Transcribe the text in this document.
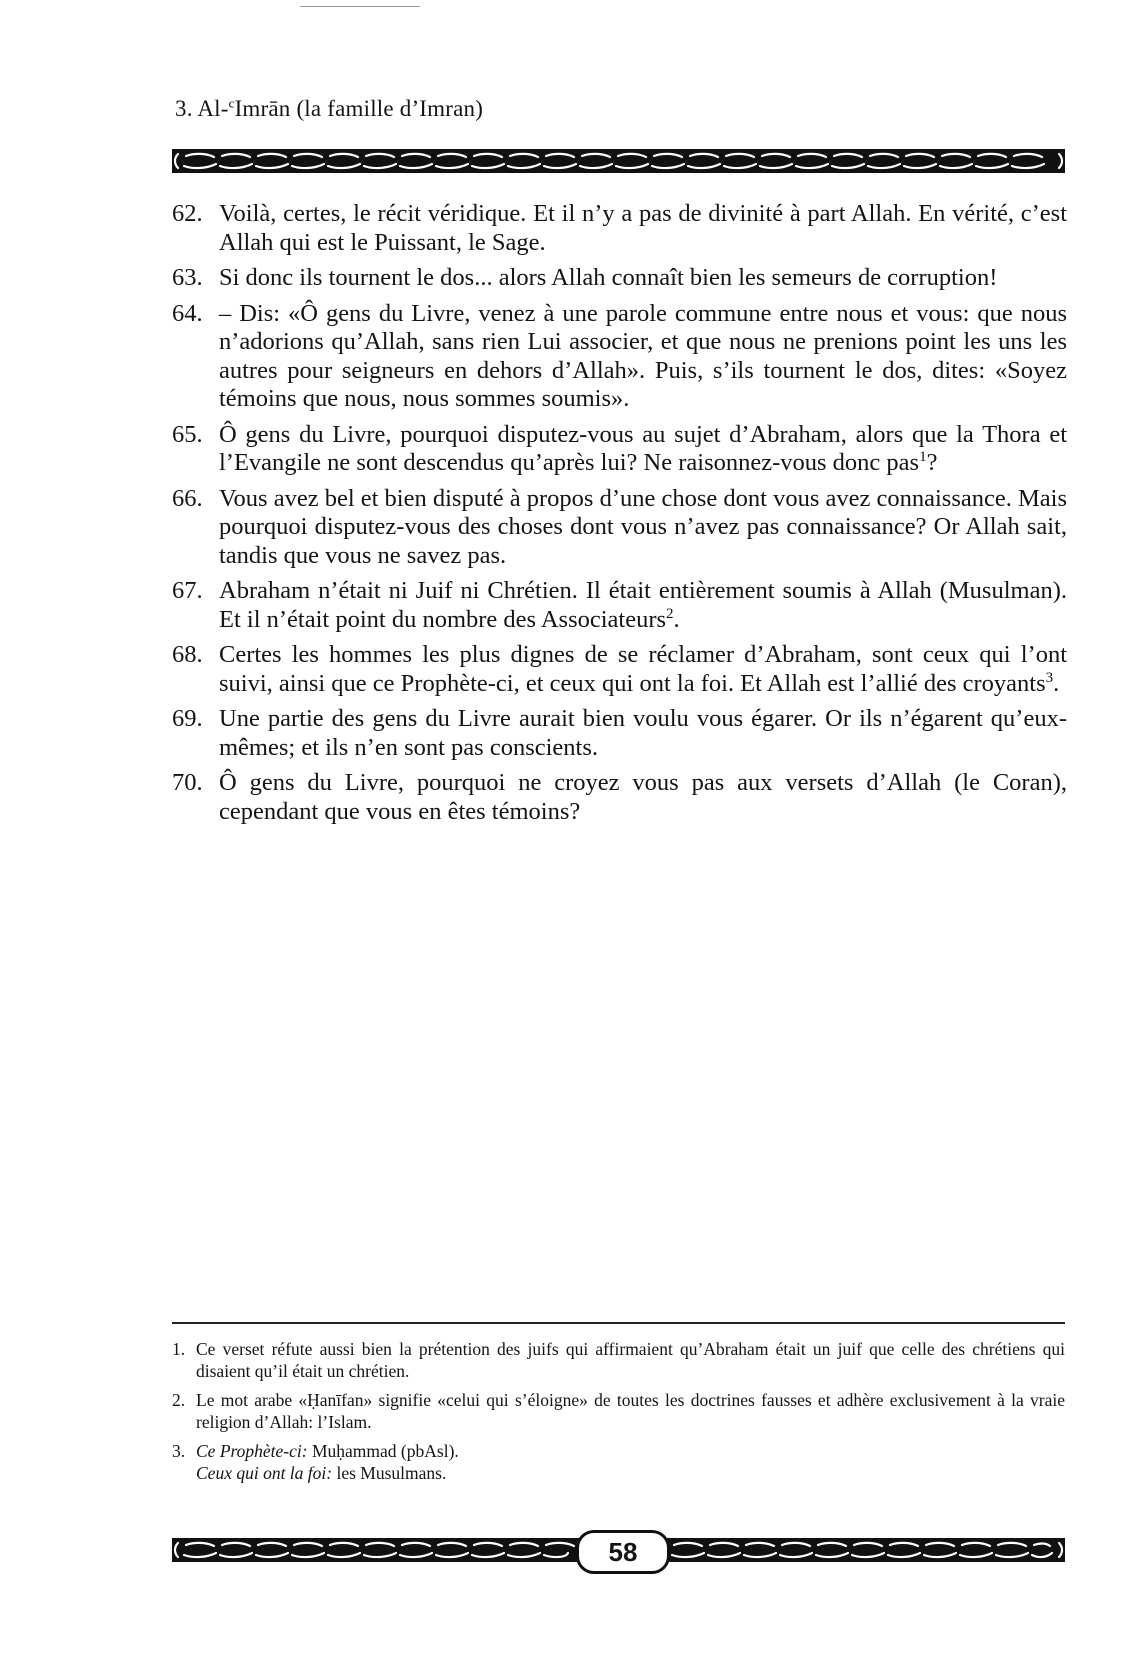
3. Al-$^c$Imrān (la famille d’Imran)
62. Voilà, certes, le récit véridique. Et il n’y a pas de divinité à part Allah. En vérité, c’est Allah qui est le Puissant, le Sage.
63. Si donc ils tournent le dos... alors Allah connaît bien les semeurs de corruption!
64. – Dis: «Ô gens du Livre, venez à une parole commune entre nous et vous: que nous n’adorions qu’Allah, sans rien Lui associer, et que nous ne prenions point les uns les autres pour seigneurs en dehors d’Allah». Puis, s’ils tournent le dos, dites: «Soyez témoins que nous, nous sommes soumis».
65. Ô gens du Livre, pourquoi disputez-vous au sujet d’Abraham, alors que la Thora et l’Evangile ne sont descendus qu’après lui? Ne raisonnez-vous donc pas$^1$?
66. Vous avez bel et bien disputé à propos d’une chose dont vous avez connaissance. Mais pourquoi disputez-vous des choses dont vous n’avez pas connaissance? Or Allah sait, tandis que vous ne savez pas.
67. Abraham n’était ni Juif ni Chrétien. Il était entièrement soumis à Allah (Musulman). Et il n’était point du nombre des Associateurs$^2$.
68. Certes les hommes les plus dignes de se réclamer d’Abraham, sont ceux qui l’ont suivi, ainsi que ce Prophète-ci, et ceux qui ont la foi. Et Allah est l’allié des croyants$^3$.
69. Une partie des gens du Livre aurait bien voulu vous égarer. Or ils n’égarent qu’eux-mêmes; et ils n’en sont pas conscients.
70. Ô gens du Livre, pourquoi ne croyez vous pas aux versets d’Allah (le Coran), cependant que vous en êtes témoins?
1. Ce verset réfute aussi bien la prétention des juifs qui affirmaient qu’Abraham était un juif que celle des chrétiens qui disaient qu’il était un chrétien.
2. Le mot arabe «Ḥanīfan» signifie «celui qui s’éloigne» de toutes les doctrines fausses et adhère exclusivement à la vraie religion d’Allah: l’Islam.
3. Ce Prophète-ci: Muḥammad (pbAsl).
Ceux qui ont la foi: les Musulmans.
58
